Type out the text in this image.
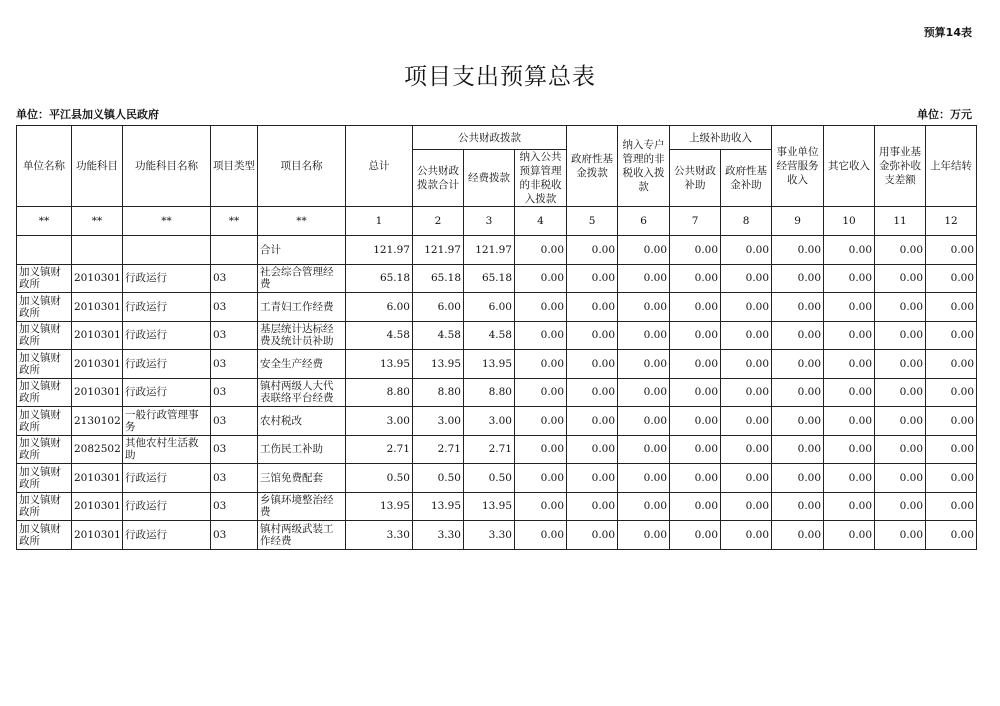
预算14表
项目支出预算总表
单位：平江县加义镇人民政府	单位：万元
单位名称	功能科目	功能科目名称	项目类型	项目名称	总计	公共财政拨款			政府性基金拨款	纳入专户管理的非税收入拨款	上级补助收入		事业单位经营服务收入	其它收入	用事业基金弥补收支差额	上年结转
						公共财政拨款合计	经费拨款	纳入公共预算管理的非税收入拨款			公共财政补助	政府性基金补助				
**	**	**	**	**	1	2	3	4	5	6	7	8	9	10	11	12
				合计	121.97	121.97	121.97	0.00	0.00	0.00	0.00	0.00	0.00	0.00	0.00	0.00
加义镇财政所	2010301	行政运行	03	社会综合管理经费	65.18	65.18	65.18	0.00	0.00	0.00	0.00	0.00	0.00	0.00	0.00	0.00
加义镇财政所	2010301	行政运行	03	工青妇工作经费	6.00	6.00	6.00	0.00	0.00	0.00	0.00	0.00	0.00	0.00	0.00	0.00
加义镇财政所	2010301	行政运行	03	基层统计达标经费及统计员补助	4.58	4.58	4.58	0.00	0.00	0.00	0.00	0.00	0.00	0.00	0.00	0.00
加义镇财政所	2010301	行政运行	03	安全生产经费	13.95	13.95	13.95	0.00	0.00	0.00	0.00	0.00	0.00	0.00	0.00	0.00
加义镇财政所	2010301	行政运行	03	镇村两级人大代表联络平台经费	8.80	8.80	8.80	0.00	0.00	0.00	0.00	0.00	0.00	0.00	0.00	0.00
加义镇财政所	2130102	一般行政管理事务	03	农村税改	3.00	3.00	3.00	0.00	0.00	0.00	0.00	0.00	0.00	0.00	0.00	0.00
加义镇财政所	2082502	其他农村生活救助	03	工伤民工补助	2.71	2.71	2.71	0.00	0.00	0.00	0.00	0.00	0.00	0.00	0.00	0.00
加义镇财政所	2010301	行政运行	03	三馆免费配套	0.50	0.50	0.50	0.00	0.00	0.00	0.00	0.00	0.00	0.00	0.00	0.00
加义镇财政所	2010301	行政运行	03	乡镇环境整治经费	13.95	13.95	13.95	0.00	0.00	0.00	0.00	0.00	0.00	0.00	0.00	0.00
加义镇财政所	2010301	行政运行	03	镇村两级武装工作经费	3.30	3.30	3.30	0.00	0.00	0.00	0.00	0.00	0.00	0.00	0.00	0.00
